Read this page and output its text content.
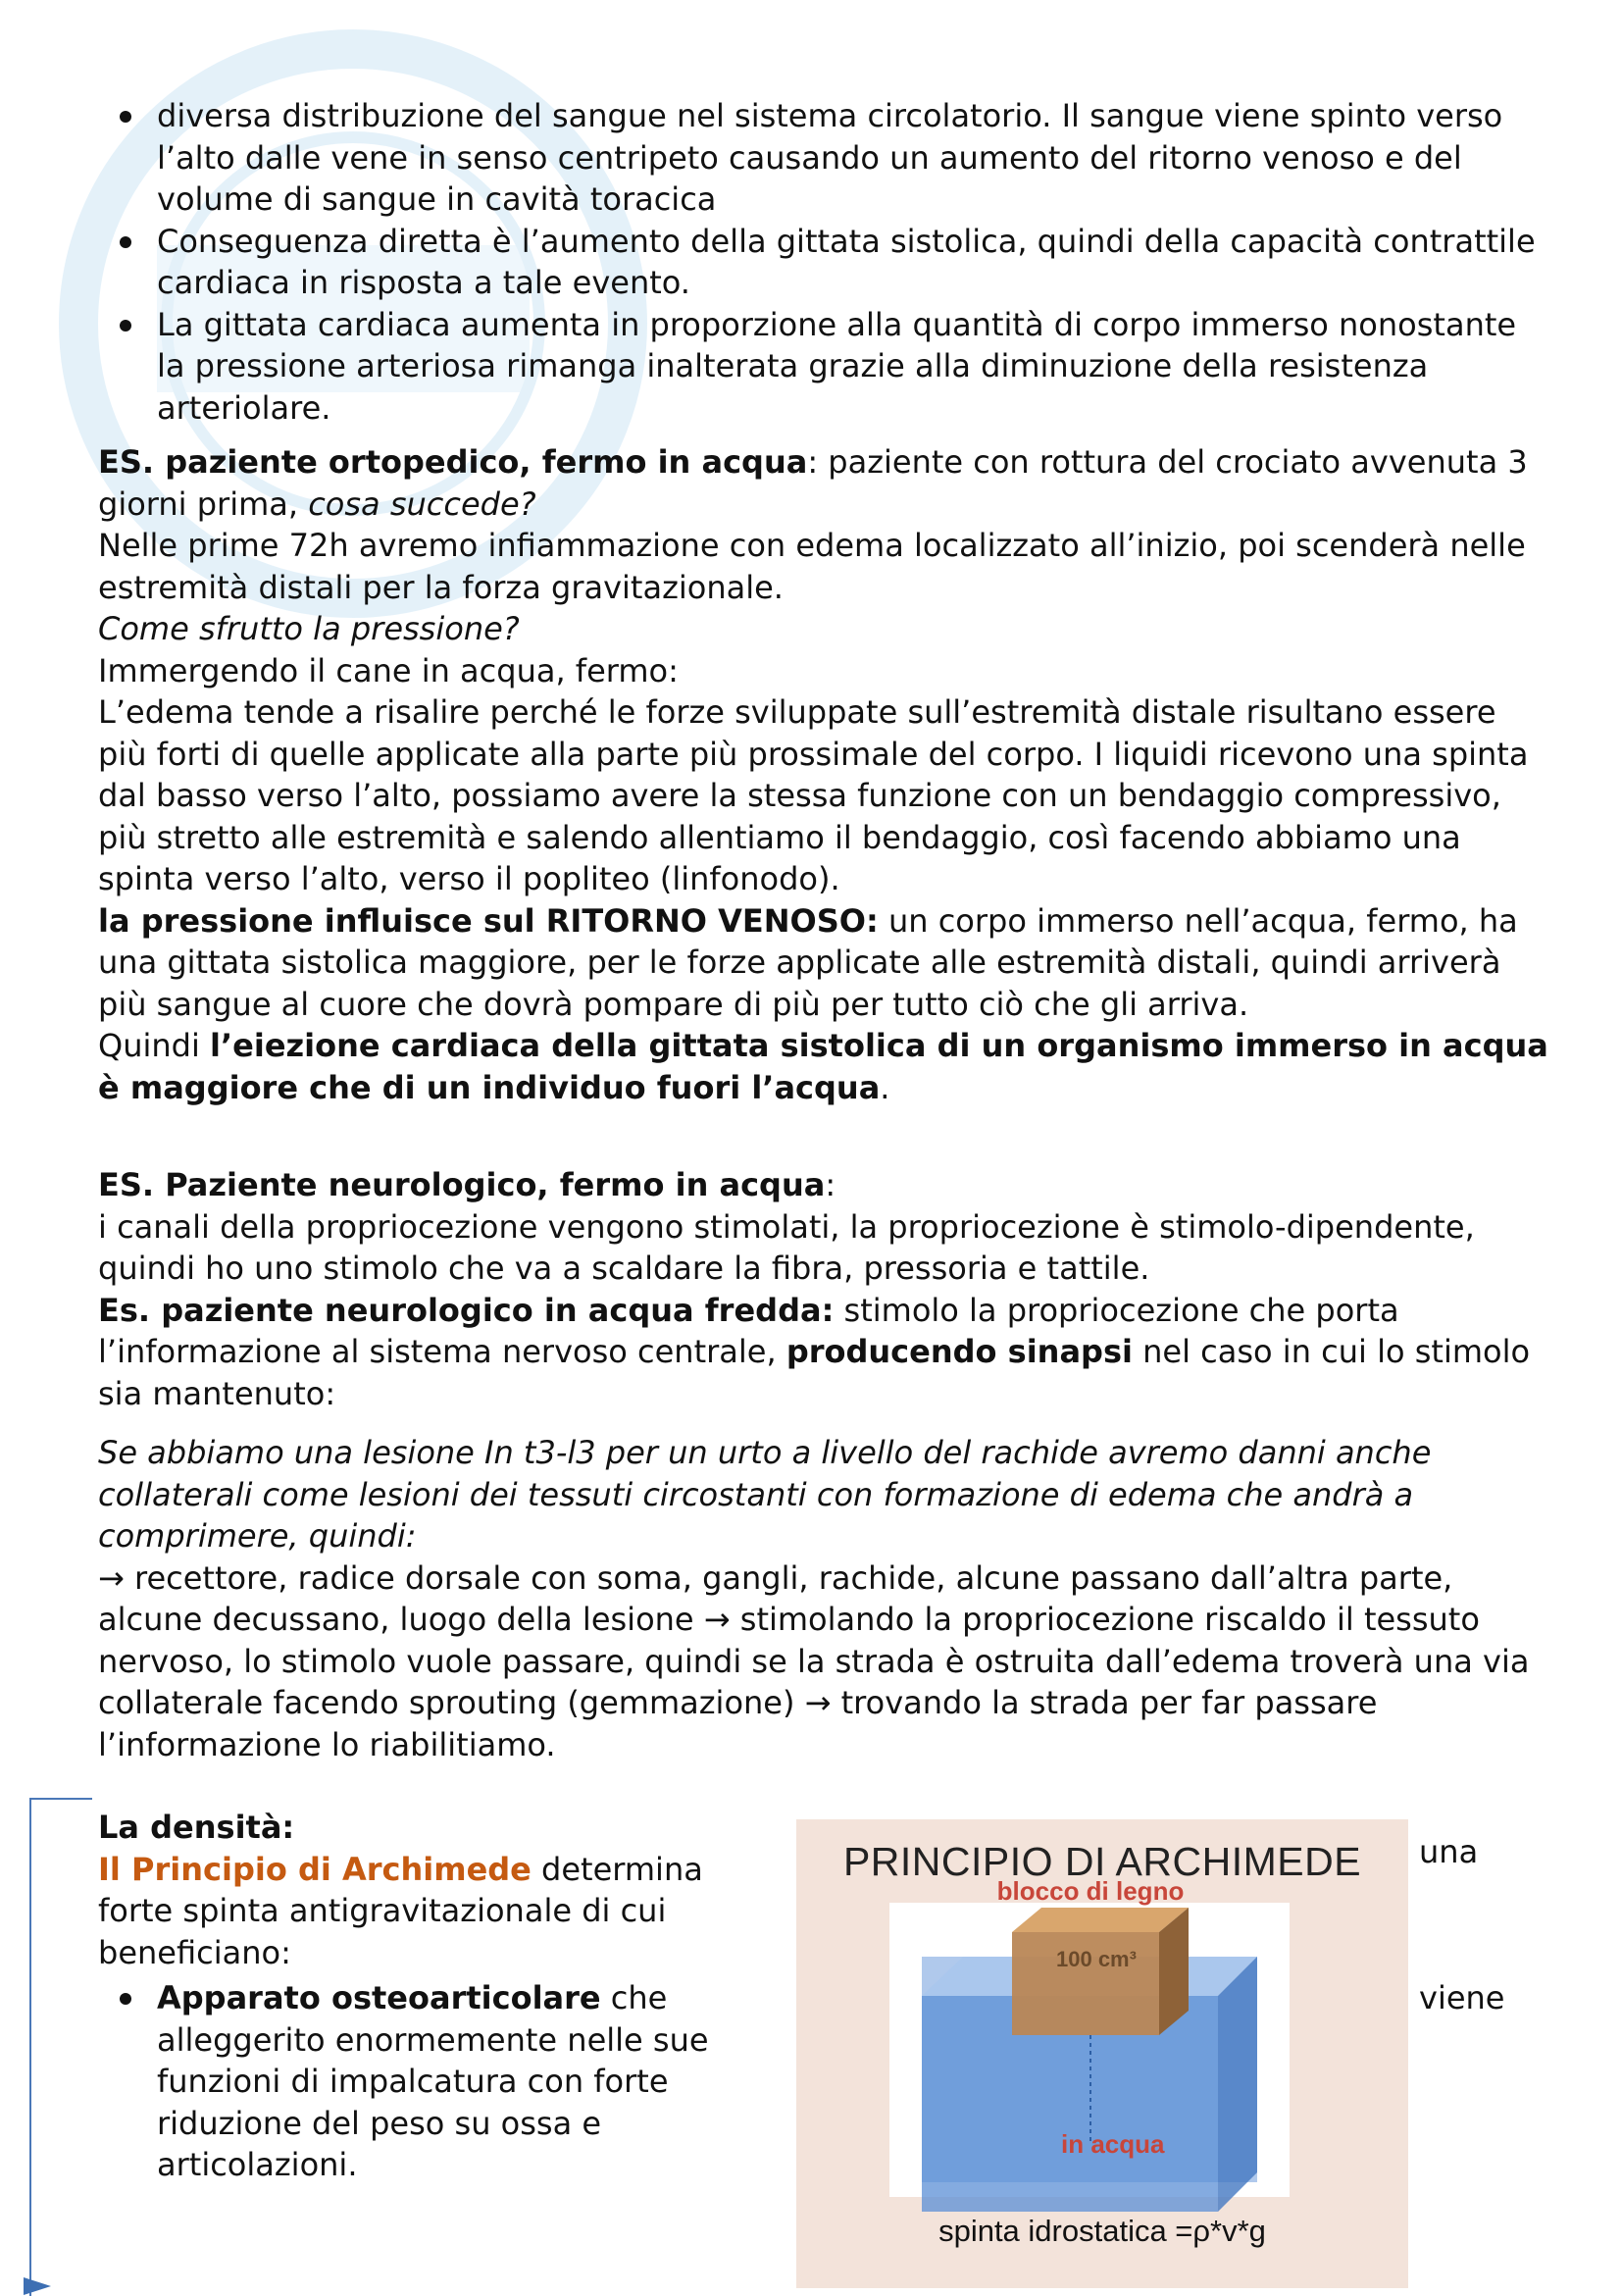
diversa distribuzione del sangue nel sistema circolatorio. Il sangue viene spinto verso l’alto dalle vene in senso centripeto causando un aumento del ritorno venoso e del volume di sangue in cavità toracica
Conseguenza diretta è l’aumento della gittata sistolica, quindi della capacità contrattile cardiaca in risposta a tale evento.
La gittata cardiaca aumenta in proporzione alla quantità di corpo immerso nonostante la pressione arteriosa rimanga inalterata grazie alla diminuzione della resistenza arteriolare.

ES. paziente ortopedico, fermo in acqua: paziente con rottura del crociato avvenuta 3 giorni prima, cosa succede?

Nelle prime 72h avremo infiammazione con edema localizzato all’inizio, poi scenderà nelle estremità distali per la forza gravitazionale.

Come sfrutto la pressione?

Immergendo il cane in acqua, fermo:

L’edema tende a risalire perché le forze sviluppate sull’estremità distale risultano essere più forti di quelle applicate alla parte più prossimale del corpo. I liquidi ricevono una spinta dal basso verso l’alto, possiamo avere la stessa funzione con un bendaggio compressivo, più stretto alle estremità e salendo allentiamo il bendaggio, così facendo abbiamo una spinta verso l’alto, verso il popliteo (linfonodo).

la pressione influisce sul RITORNO VENOSO: un corpo immerso nell’acqua, fermo, ha una gittata sistolica maggiore, per le forze applicate alle estremità distali, quindi arriverà più sangue al cuore che dovrà pompare di più per tutto ciò che gli arriva.

Quindi l’eiezione cardiaca della gittata sistolica di un organismo immerso in acqua è maggiore che di un individuo fuori l’acqua.

ES. Paziente neurologico, fermo in acqua:

i canali della propriocezione vengono stimolati, la propriocezione è stimolo-dipendente, quindi ho uno stimolo che va a scaldare la fibra, pressoria e tattile.

Es. paziente neurologico in acqua fredda: stimolo la propriocezione che porta l’informazione al sistema nervoso centrale, producendo sinapsi nel caso in cui lo stimolo sia mantenuto:

Se abbiamo una lesione In t3-l3 per un urto a livello del rachide avremo danni anche collaterali come lesioni dei tessuti circostanti con formazione di edema che andrà a comprimere, quindi:

→ recettore, radice dorsale con soma, gangli, rachide, alcune passano dall’altra parte, alcune decussano, luogo della lesione → stimolando la propriocezione riscaldo il tessuto nervoso, lo stimolo vuole passare, quindi se la strada è ostruita dall’edema troverà una via collaterale facendo sprouting (gemmazione) → trovando la strada per far passare l’informazione lo riabilitiamo.

La densità:

Il Principio di Archimede determina

forte spinta antigravitazionale di cui beneficiano:

Apparato osteoarticolare che
alleggerito enormemente nelle sue funzioni di impalcatura con forte riduzione del peso su ossa e articolazioni.
una
viene
PRINCIPIO DI ARCHIMEDE
blocco di legno
100 cm³
in acqua
spinta idrostatica =ρ*v*g
